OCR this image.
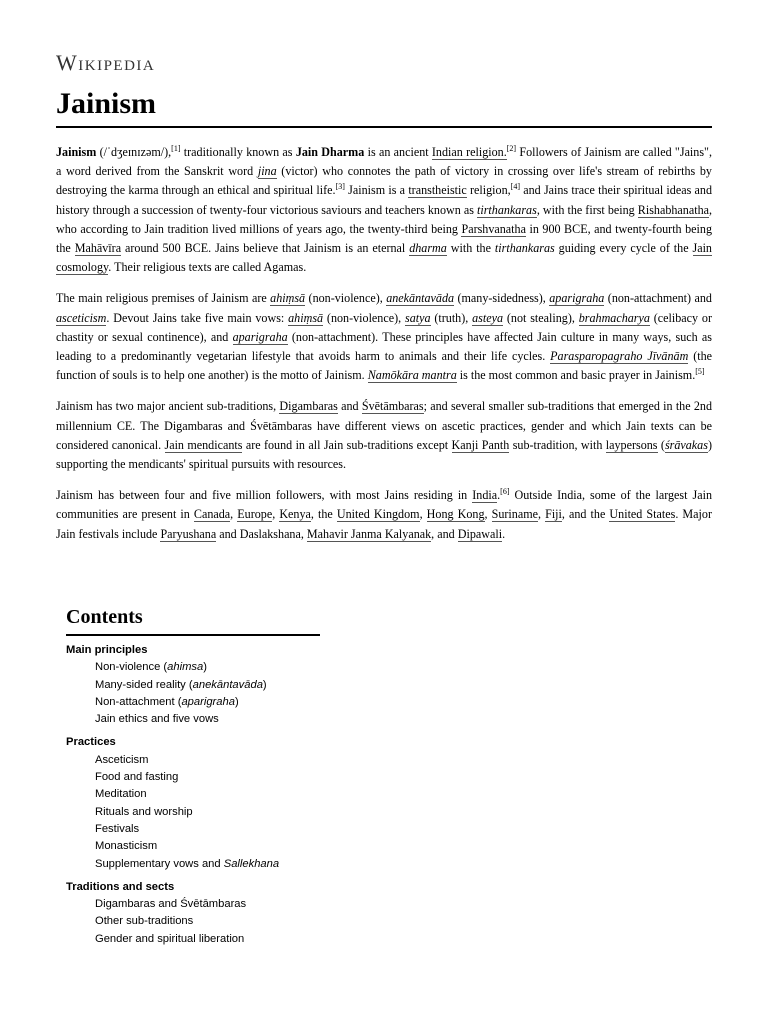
Wikipedia
Jainism

Jainism (/ˈdʒeɪnɪzəm/),[1] traditionally known as Jain Dharma is an ancient Indian religion.[2] Followers of Jainism are called "Jains", a word derived from the Sanskrit word jina (victor) who connotes the path of victory in crossing over life's stream of rebirths by destroying the karma through an ethical and spiritual life.[3] Jainism is a transtheistic religion,[4] and Jains trace their spiritual ideas and history through a succession of twenty-four victorious saviours and teachers known as tirthankaras, with the first being Rishabhanatha, who according to Jain tradition lived millions of years ago, the twenty-third being Parshvanatha in 900 BCE, and twenty-fourth being the Mahāvīra around 500 BCE. Jains believe that Jainism is an eternal dharma with the tirthankaras guiding every cycle of the Jain cosmology. Their religious texts are called Agamas.

The main religious premises of Jainism are ahiṃsā (non-violence), anekāntavāda (many-sidedness), aparigraha (non-attachment) and asceticism. Devout Jains take five main vows: ahiṃsā (non-violence), satya (truth), asteya (not stealing), brahmacharya (celibacy or chastity or sexual continence), and aparigraha (non-attachment). These principles have affected Jain culture in many ways, such as leading to a predominantly vegetarian lifestyle that avoids harm to animals and their life cycles. Parasparopagraho Jīvānām (the function of souls is to help one another) is the motto of Jainism. Namōkāra mantra is the most common and basic prayer in Jainism.[5]

Jainism has two major ancient sub-traditions, Digambaras and Śvētāmbaras; and several smaller sub-traditions that emerged in the 2nd millennium CE. The Digambaras and Śvētāmbaras have different views on ascetic practices, gender and which Jain texts can be considered canonical. Jain mendicants are found in all Jain sub-traditions except Kanji Panth sub-tradition, with laypersons (śrāvakas) supporting the mendicants' spiritual pursuits with resources.

Jainism has between four and five million followers, with most Jains residing in India.[6] Outside India, some of the largest Jain communities are present in Canada, Europe, Kenya, the United Kingdom, Hong Kong, Suriname, Fiji, and the United States. Major Jain festivals include Paryushana and Daslakshana, Mahavir Janma Kalyanak, and Dipawali.

Contents
Main principles
Non-violence (ahimsa)
Many-sided reality (anekāntavāda)
Non-attachment (aparigraha)
Jain ethics and five vows
Practices
Asceticism
Food and fasting
Meditation
Rituals and worship
Festivals
Monasticism
Supplementary vows and Sallekhana
Traditions and sects
Digambaras and Śvētāmbaras
Other sub-traditions
Gender and spiritual liberation
